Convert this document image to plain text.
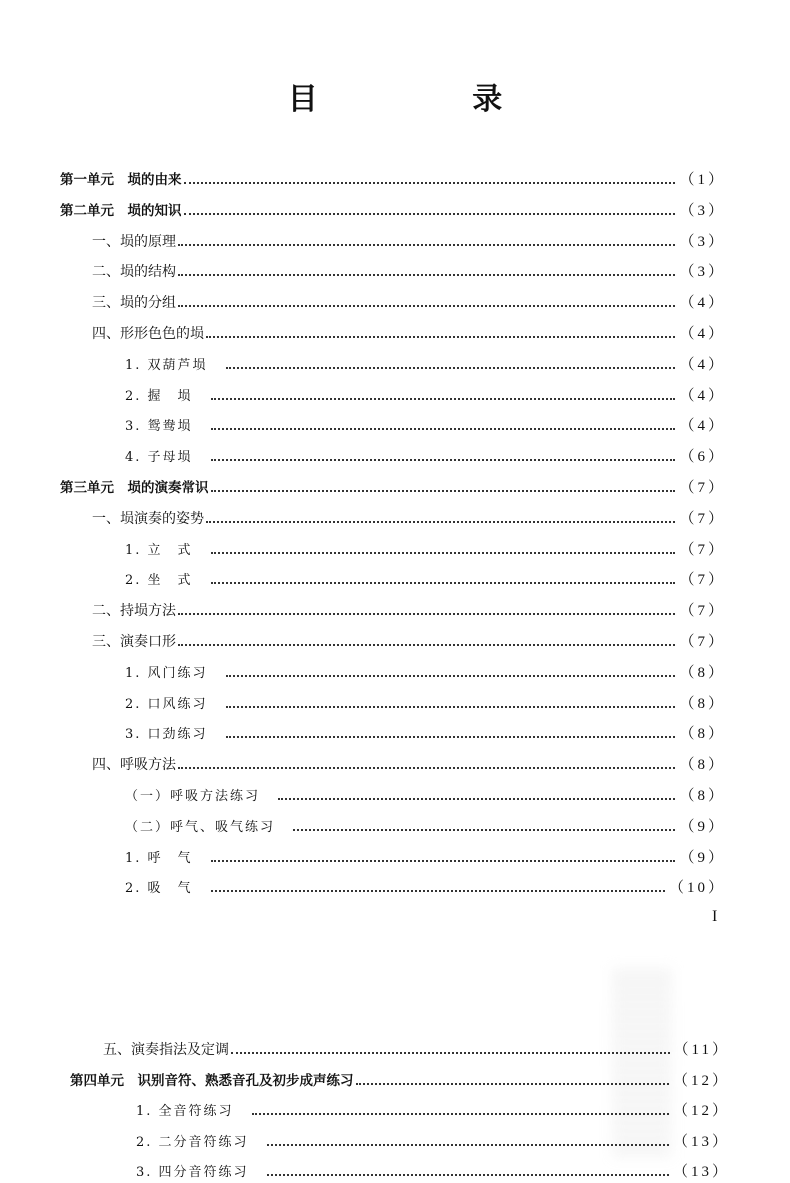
目 录
第一单元　埙的由来	（1）
第二单元　埙的知识	（3）
一、埙的原理	（3）
二、埙的结构	（3）
三、埙的分组	（4）
四、形形色色的埙	（4）
1. 双葫芦埙	（4）
2. 握　埙	（4）
3. 鸳鸯埙	（4）
4. 子母埙	（6）
第三单元　埙的演奏常识	（7）
一、埙演奏的姿势	（7）
1. 立　式	（7）
2. 坐　式	（7）
二、持埙方法	（7）
三、演奏口形	（7）
1. 风门练习	（8）
2. 口风练习	（8）
3. 口劲练习	（8）
四、呼吸方法	（8）
（一）呼吸方法练习	（8）
（二）呼气、吸气练习	（9）
1. 呼　气	（9）
2. 吸　气	（10）
I
五、演奏指法及定调	（11）
第四单元　识别音符、熟悉音孔及初步成声练习	（12）
1. 全音符练习	（12）
2. 二分音符练习	（13）
3. 四分音符练习	（13）
